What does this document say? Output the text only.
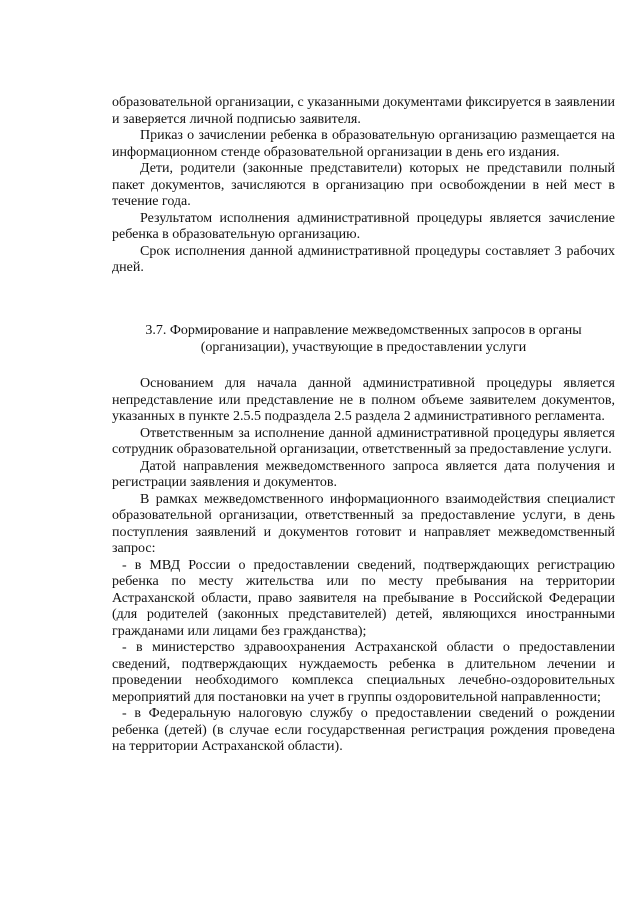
образовательной организации, с указанными документами фиксируется в заявлении и заверяется личной подписью заявителя.

Приказ о зачислении ребенка в образовательную организацию размещается на информационном стенде образовательной организации в день его издания.

Дети, родители (законные представители) которых не представили полный пакет документов, зачисляются в организацию при освобождении в ней мест в течение года.

Результатом исполнения административной процедуры является зачисление ребенка в образовательную организацию.

Срок исполнения данной административной процедуры составляет 3 рабочих дней.

3.7. Формирование и направление межведомственных запросов в органы (организации), участвующие в предоставлении услуги

Основанием для начала данной административной процедуры является непредставление или представление не в полном объеме заявителем документов, указанных в пункте 2.5.5 подраздела 2.5 раздела 2 административного регламента.

Ответственным за исполнение данной административной процедуры является сотрудник образовательной организации, ответственный за предоставление услуги.

Датой направления межведомственного запроса является дата получения и регистрации заявления и документов.

В рамках межведомственного информационного взаимодействия специалист образовательной организации, ответственный за предоставление услуги, в день поступления заявлений и документов готовит и направляет межведомственный запрос:

- в МВД России о предоставлении сведений, подтверждающих регистрацию ребенка по месту жительства или по месту пребывания на территории Астраханской области, право заявителя на пребывание в Российской Федерации (для родителей (законных представителей) детей, являющихся иностранными гражданами или лицами без гражданства);

- в министерство здравоохранения Астраханской области о предоставлении сведений, подтверждающих нуждаемость ребенка в длительном лечении и проведении необходимого комплекса специальных лечебно-оздоровительных мероприятий для постановки на учет в группы оздоровительной направленности;

- в Федеральную налоговую службу о предоставлении сведений о рождении ребенка (детей) (в случае если государственная регистрация рождения проведена на территории Астраханской области).
